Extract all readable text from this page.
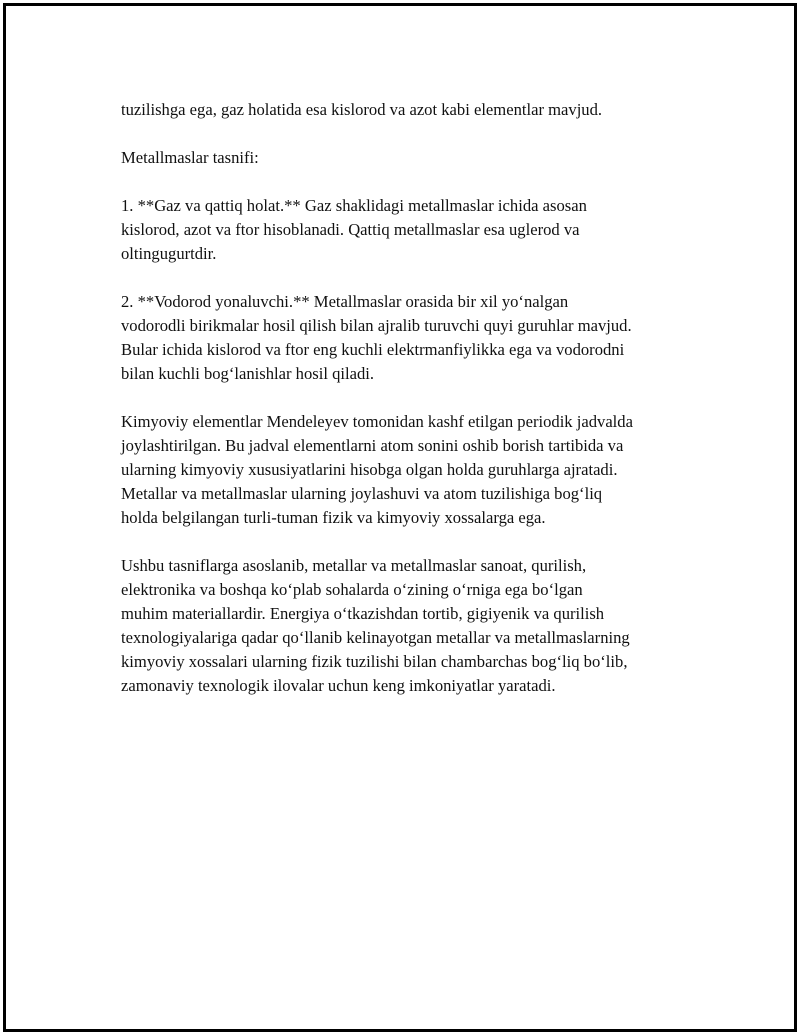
tuzilishga ega, gaz holatida esa kislorod va azot kabi elementlar mavjud.

Metallmaslar tasnifi:

1. **Gaz va qattiq holat.** Gaz shaklidagi metallmaslar ichida asosan
kislorod, azot va ftor hisoblanadi. Qattiq metallmaslar esa uglerod va
oltingugurtdir.

2. **Vodorod yonaluvchi.** Metallmaslar orasida bir xil yo‘nalgan
vodorodli birikmalar hosil qilish bilan ajralib turuvchi quyi guruhlar mavjud.
Bular ichida kislorod va ftor eng kuchli elektrmanfiylikka ega va vodorodni
bilan kuchli bog‘lanishlar hosil qiladi.

Kimyoviy elementlar Mendeleyev tomonidan kashf etilgan periodik jadvalda
joylashtirilgan. Bu jadval elementlarni atom sonini oshib borish tartibida va
ularning kimyoviy xususiyatlarini hisobga olgan holda guruhlarga ajratadi.
Metallar va metallmaslar ularning joylashuvi va atom tuzilishiga bog‘liq
holda belgilangan turli-tuman fizik va kimyoviy xossalarga ega.

Ushbu tasniflarga asoslanib, metallar va metallmaslar sanoat, qurilish,
elektronika va boshqa ko‘plab sohalarda o‘zining o‘rniga ega bo‘lgan
muhim materiallardir. Energiya o‘tkazishdan tortib, gigiyenik va qurilish
texnologiyalariga qadar qo‘llanib kelinayotgan metallar va metallmaslarning
kimyoviy xossalari ularning fizik tuzilishi bilan chambarchas bog‘liq bo‘lib,
zamonaviy texnologik ilovalar uchun keng imkoniyatlar yaratadi.
